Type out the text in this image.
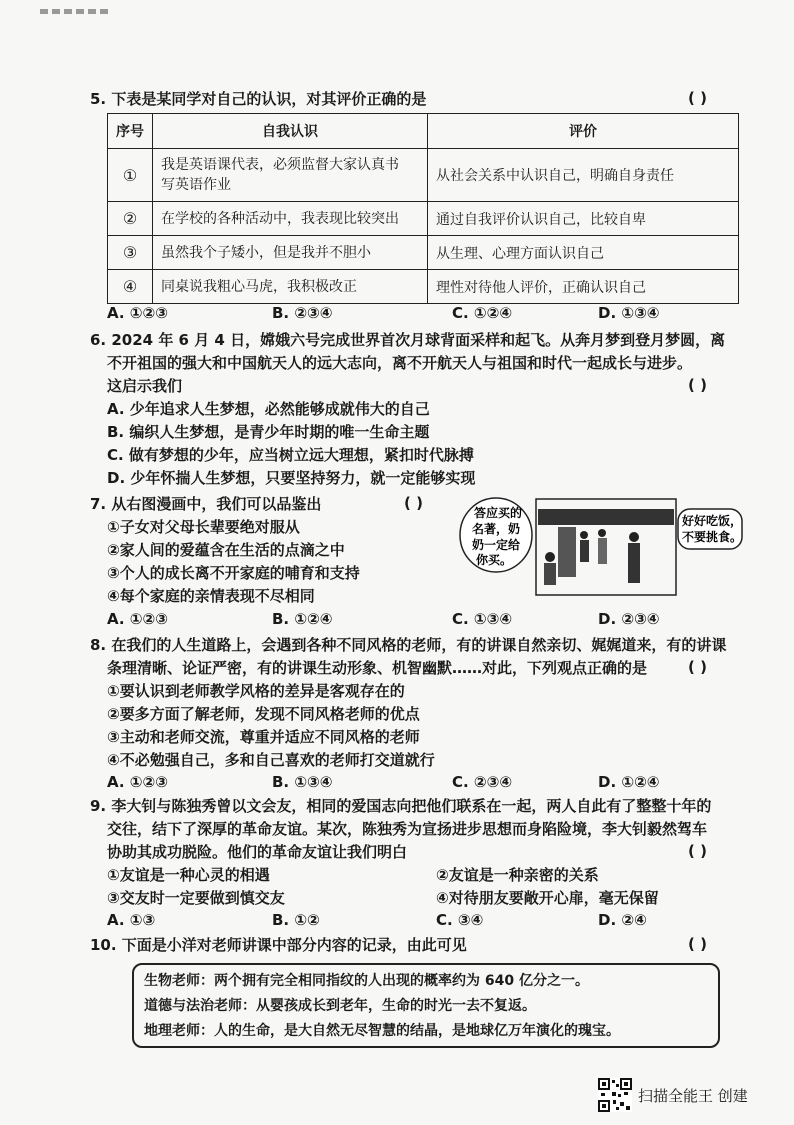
5. 下表是某同学对自己的认识，对其评价正确的是	( )
序号	自我认识	评价
①	我是英语课代表，必须监督大家认真书
写英语作业	从社会关系中认识自己，明确自身责任
②	在学校的各种活动中，我表现比较突出	通过自我评价认识自己，比较自卑
③	虽然我个子矮小，但是我并不胆小	从生理、心理方面认识自己
④	同桌说我粗心马虎，我积极改正	理性对待他人评价，正确认识自己
A. ①②③	B. ②③④	C. ①②④	D. ①③④
6. 2024 年 6 月 4 日，嫦娥六号完成世界首次月球背面采样和起飞。从奔月梦到登月梦圆，离
不开祖国的强大和中国航天人的远大志向，离不开航天人与祖国和时代一起成长与进步。
这启示我们	( )
A. 少年追求人生梦想，必然能够成就伟大的自己
B. 编织人生梦想，是青少年时期的唯一生命主题
C. 做有梦想的少年，应当树立远大理想，紧扣时代脉搏
D. 少年怀揣人生梦想，只要坚持努力，就一定能够实现
7. 从右图漫画中，我们可以品鉴出	( )
①子女对父母长辈要绝对服从
②家人间的爱蕴含在生活的点滴之中
③个人的成长离不开家庭的哺育和支持
④每个家庭的亲情表现不尽相同
答应买的
名著，奶
奶一定给
你买。
好好吃饭，
不要挑食。
A. ①②③	B. ①②④	C. ①③④	D. ②③④
8. 在我们的人生道路上，会遇到各种不同风格的老师，有的讲课自然亲切、娓娓道来，有的讲课
条理清晰、论证严密，有的讲课生动形象、机智幽默……对此，下列观点正确的是	( )
①要认识到老师教学风格的差异是客观存在的
②要多方面了解老师，发现不同风格老师的优点
③主动和老师交流，尊重并适应不同风格的老师
④不必勉强自己，多和自己喜欢的老师打交道就行
A. ①②③	B. ①③④	C. ②③④	D. ①②④
9. 李大钊与陈独秀曾以文会友，相同的爱国志向把他们联系在一起，两人自此有了整整十年的
交往，结下了深厚的革命友谊。某次，陈独秀为宣扬进步思想而身陷险境，李大钊毅然驾车
协助其成功脱险。他们的革命友谊让我们明白	( )
①友谊是一种心灵的相遇	②友谊是一种亲密的关系
③交友时一定要做到慎交友	④对待朋友要敞开心扉，毫无保留
A. ①③	B. ①②	C. ③④	D. ②④
10. 下面是小洋对老师讲课中部分内容的记录，由此可见	( )
生物老师：两个拥有完全相同指纹的人出现的概率约为 640 亿分之一。
道德与法治老师：从婴孩成长到老年，生命的时光一去不复返。
地理老师：人的生命，是大自然无尽智慧的结晶，是地球亿万年演化的瑰宝。
扫描全能王 创建
